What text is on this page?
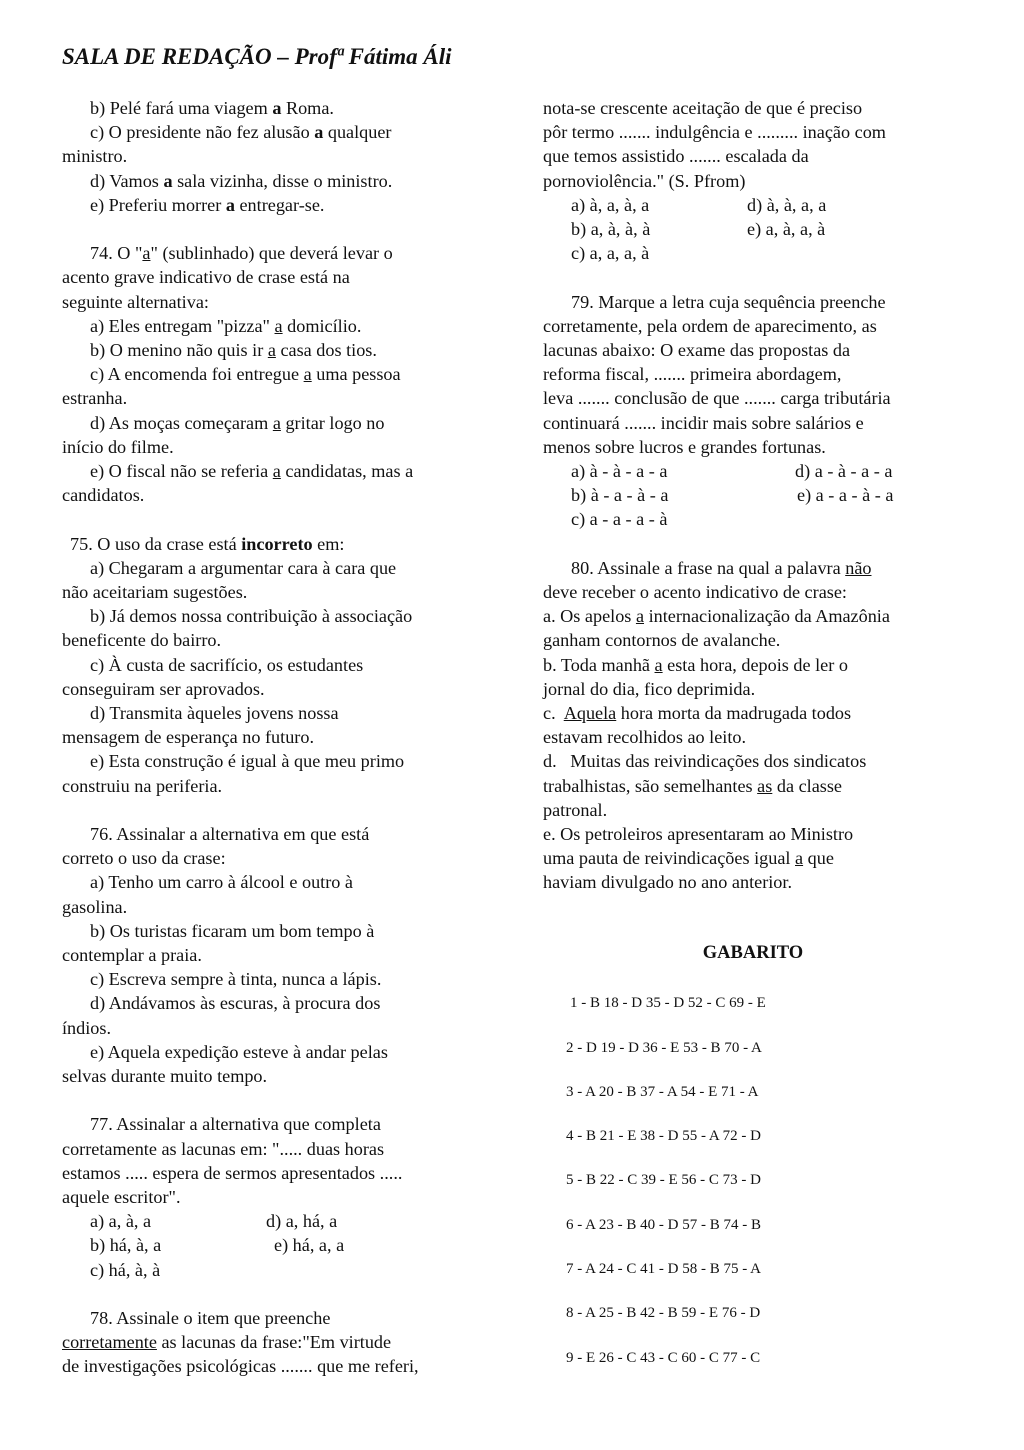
SALA DE REDAÇÃO – Profª Fátima Áli
b) Pelé fará uma viagem a Roma.
c) O presidente não fez alusão a qualquer
ministro.
d) Vamos a sala vizinha, disse o ministro.
e) Preferiu morrer a entregar-se.
74. O "a" (sublinhado) que deverá levar o
acento grave indicativo de crase está na
seguinte alternativa:
a) Eles entregam "pizza" a domicílio.
b) O menino não quis ir a casa dos tios.
c) A encomenda foi entregue a uma pessoa
estranha.
d) As moças começaram a gritar logo no
início do filme.
e) O fiscal não se referia a candidatas, mas a
candidatos.
75. O uso da crase está incorreto em:
a) Chegaram a argumentar cara à cara que
não aceitariam sugestões.
b) Já demos nossa contribuição à associação
beneficente do bairro.
c) À custa de sacrifício, os estudantes
conseguiram ser aprovados.
d) Transmita àqueles jovens nossa
mensagem de esperança no futuro.
e) Esta construção é igual à que meu primo
construiu na periferia.
76. Assinalar a alternativa em que está
correto o uso da crase:
a) Tenho um carro à álcool e outro à
gasolina.
b) Os turistas ficaram um bom tempo à
contemplar a praia.
c) Escreva sempre à tinta, nunca a lápis.
d) Andávamos às escuras, à procura dos
índios.
e) Aquela expedição esteve à andar pelas
selvas durante muito tempo.
77. Assinalar a alternativa que completa
corretamente as lacunas em: "..... duas horas
estamos ..... espera de sermos apresentados .....
aquele escritor".
a) a, à, a	d) a, há, a
b) há, à, a	e) há, a, a
c) há, à, à
78. Assinale o item que preenche
corretamente as lacunas da frase:"Em virtude
de investigações psicológicas ....... que me referi,
nota-se crescente aceitação de que é preciso
pôr termo ....... indulgência e ......... inação com
que temos assistido ....... escalada da
pornoviolência." (S. Pfrom)
a) à, a, à, a	d) à, à, a, a
b) a, à, à, à	e) a, à, a, à
c) a, a, a, à
79. Marque a letra cuja sequência preenche
corretamente, pela ordem de aparecimento, as
lacunas abaixo: O exame das propostas da
reforma fiscal, ....... primeira abordagem,
leva ....... conclusão de que ....... carga tributária
continuará ....... incidir mais sobre salários e
menos sobre lucros e grandes fortunas.
a) à - à - a - a	d) a - à - a - a
b) à - a - à - a	e) a - a - à - a
c) a - a - a - à
80. Assinale a frase na qual a palavra não
deve receber o acento indicativo de crase:
a. Os apelos a internacionalização da Amazônia
ganham contornos de avalanche.
b. Toda manhã a esta hora, depois de ler o
jornal do dia, fico deprimida.
c.  Aquela hora morta da madrugada todos
estavam recolhidos ao leito.
d.   Muitas das reivindicações dos sindicatos
trabalhistas, são semelhantes as da classe
patronal.
e. Os petroleiros apresentaram ao Ministro
uma pauta de reivindicações igual a que
haviam divulgado no ano anterior.
GABARITO
1 - B 18 - D 35 - D 52 - C 69 - E
2 - D 19 - D 36 - E 53 - B 70 - A
3 - A 20 - B 37 - A 54 - E 71 - A
4 - B 21 - E 38 - D 55 - A 72 - D
5 - B 22 - C 39 - E 56 - C 73 - D
6 - A 23 - B 40 - D 57 - B 74 - B
7 - A 24 - C 41 - D 58 - B 75 - A
8 - A 25 - B 42 - B 59 - E 76 - D
9 - E 26 - C 43 - C 60 - C 77 - C
